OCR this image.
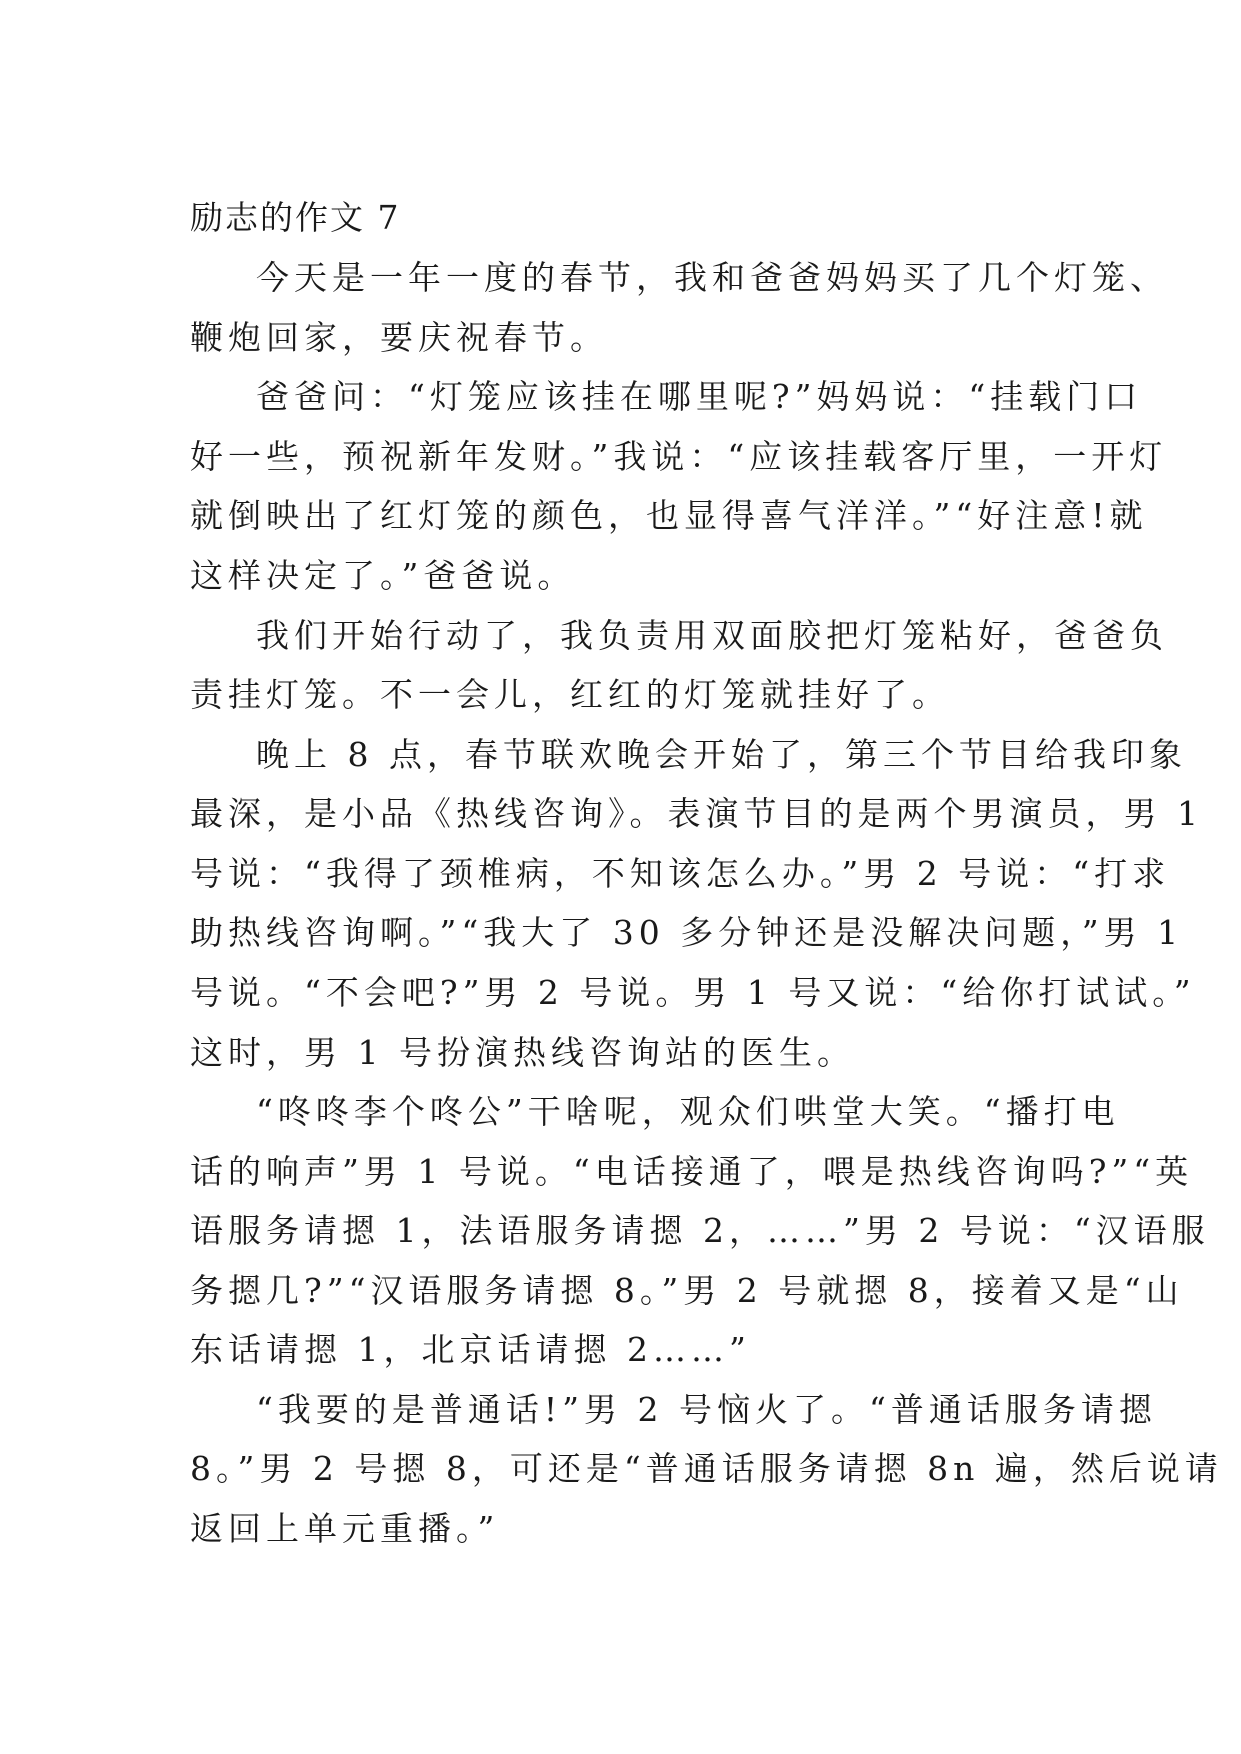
励志的作文 7
今天是一年一度的春节，我和爸爸妈妈买了几个灯笼、
鞭炮回家，要庆祝春节。
爸爸问：“灯笼应该挂在哪里呢?”妈妈说：“挂载门口
好一些，预祝新年发财。”我说：“应该挂载客厅里，一开灯
就倒映出了红灯笼的颜色，也显得喜气洋洋。”“好注意!就
这样决定了。”爸爸说。
我们开始行动了，我负责用双面胶把灯笼粘好，爸爸负
责挂灯笼。不一会儿，红红的灯笼就挂好了。
晚上 8 点，春节联欢晚会开始了，第三个节目给我印象
最深，是小品《热线咨询》。表演节目的是两个男演员，男 1
号说：“我得了颈椎病，不知该怎么办。”男 2 号说：“打求
助热线咨询啊。”“我大了 30 多分钟还是没解决问题，”男 1
号说。“不会吧?”男 2 号说。男 1 号又说：“给你打试试。”
这时，男 1 号扮演热线咨询站的医生。
“咚咚李个咚公”干啥呢，观众们哄堂大笑。“播打电
话的响声”男 1 号说。“电话接通了，喂是热线咨询吗?”“英
语服务请摁 1，法语服务请摁 2，……”男 2 号说：“汉语服
务摁几?”“汉语服务请摁 8。”男 2 号就摁 8，接着又是“山
东话请摁 1，北京话请摁 2……”
“我要的是普通话!”男 2 号恼火了。“普通话服务请摁
8。”男 2 号摁 8，可还是“普通话服务请摁 8n 遍，然后说请
返回上单元重播。”
